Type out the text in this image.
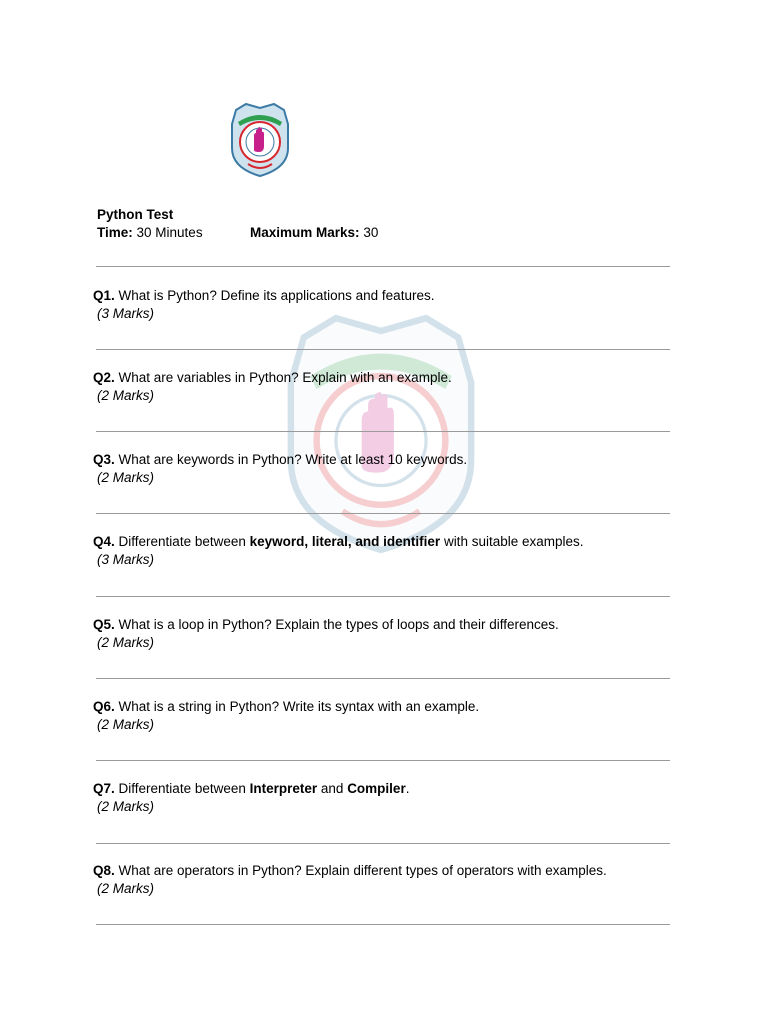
Python Test
Time: 30 Minutes	Maximum Marks: 30
Q1. What is Python? Define its applications and features.
(3 Marks)
Q2. What are variables in Python? Explain with an example.
(2 Marks)
Q3. What are keywords in Python? Write at least 10 keywords.
(2 Marks)
Q4. Differentiate between keyword, literal, and identifier with suitable examples.
(3 Marks)
Q5. What is a loop in Python? Explain the types of loops and their differences.
(2 Marks)
Q6. What is a string in Python? Write its syntax with an example.
(2 Marks)
Q7. Differentiate between Interpreter and Compiler.
(2 Marks)
Q8. What are operators in Python? Explain different types of operators with examples.
(2 Marks)
